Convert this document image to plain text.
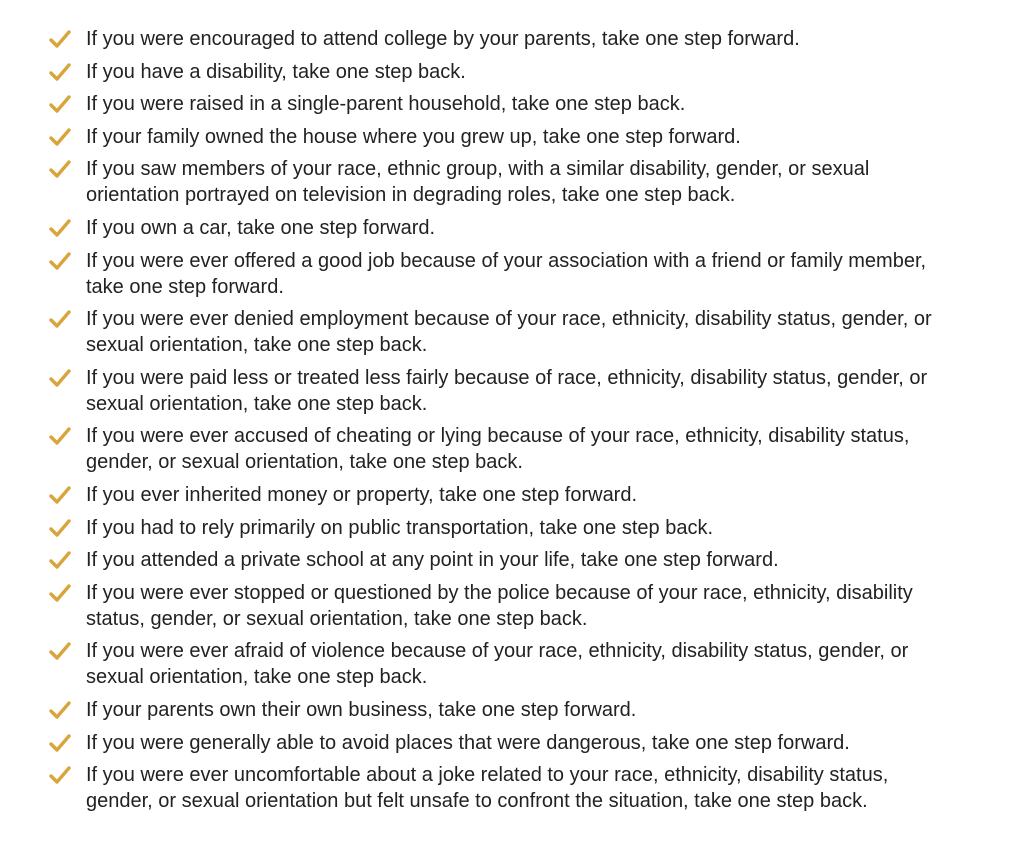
If you were encouraged to attend college by your parents, take one step forward.
If you have a disability, take one step back.
If you were raised in a single-parent household, take one step back.
If your family owned the house where you grew up, take one step forward.
If you saw members of your race, ethnic group, with a similar disability, gender, or sexual orientation portrayed on television in degrading roles, take one step back.
If you own a car, take one step forward.
If you were ever offered a good job because of your association with a friend or family member, take one step forward.
If you were ever denied employment because of your race, ethnicity, disability status, gender, or sexual orientation, take one step back.
If you were paid less or treated less fairly because of race, ethnicity, disability status, gender, or sexual orientation, take one step back.
If you were ever accused of cheating or lying because of your race, ethnicity, disability status, gender, or sexual orientation, take one step back.
If you ever inherited money or property, take one step forward.
If you had to rely primarily on public transportation, take one step back.
If you attended a private school at any point in your life, take one step forward.
If you were ever stopped or questioned by the police because of your race, ethnicity, disability status, gender, or sexual orientation, take one step back.
If you were ever afraid of violence because of your race, ethnicity, disability status, gender, or sexual orientation, take one step back.
If your parents own their own business, take one step forward.
If you were generally able to avoid places that were dangerous, take one step forward.
If you were ever uncomfortable about a joke related to your race, ethnicity, disability status, gender, or sexual orientation but felt unsafe to confront the situation, take one step back.
